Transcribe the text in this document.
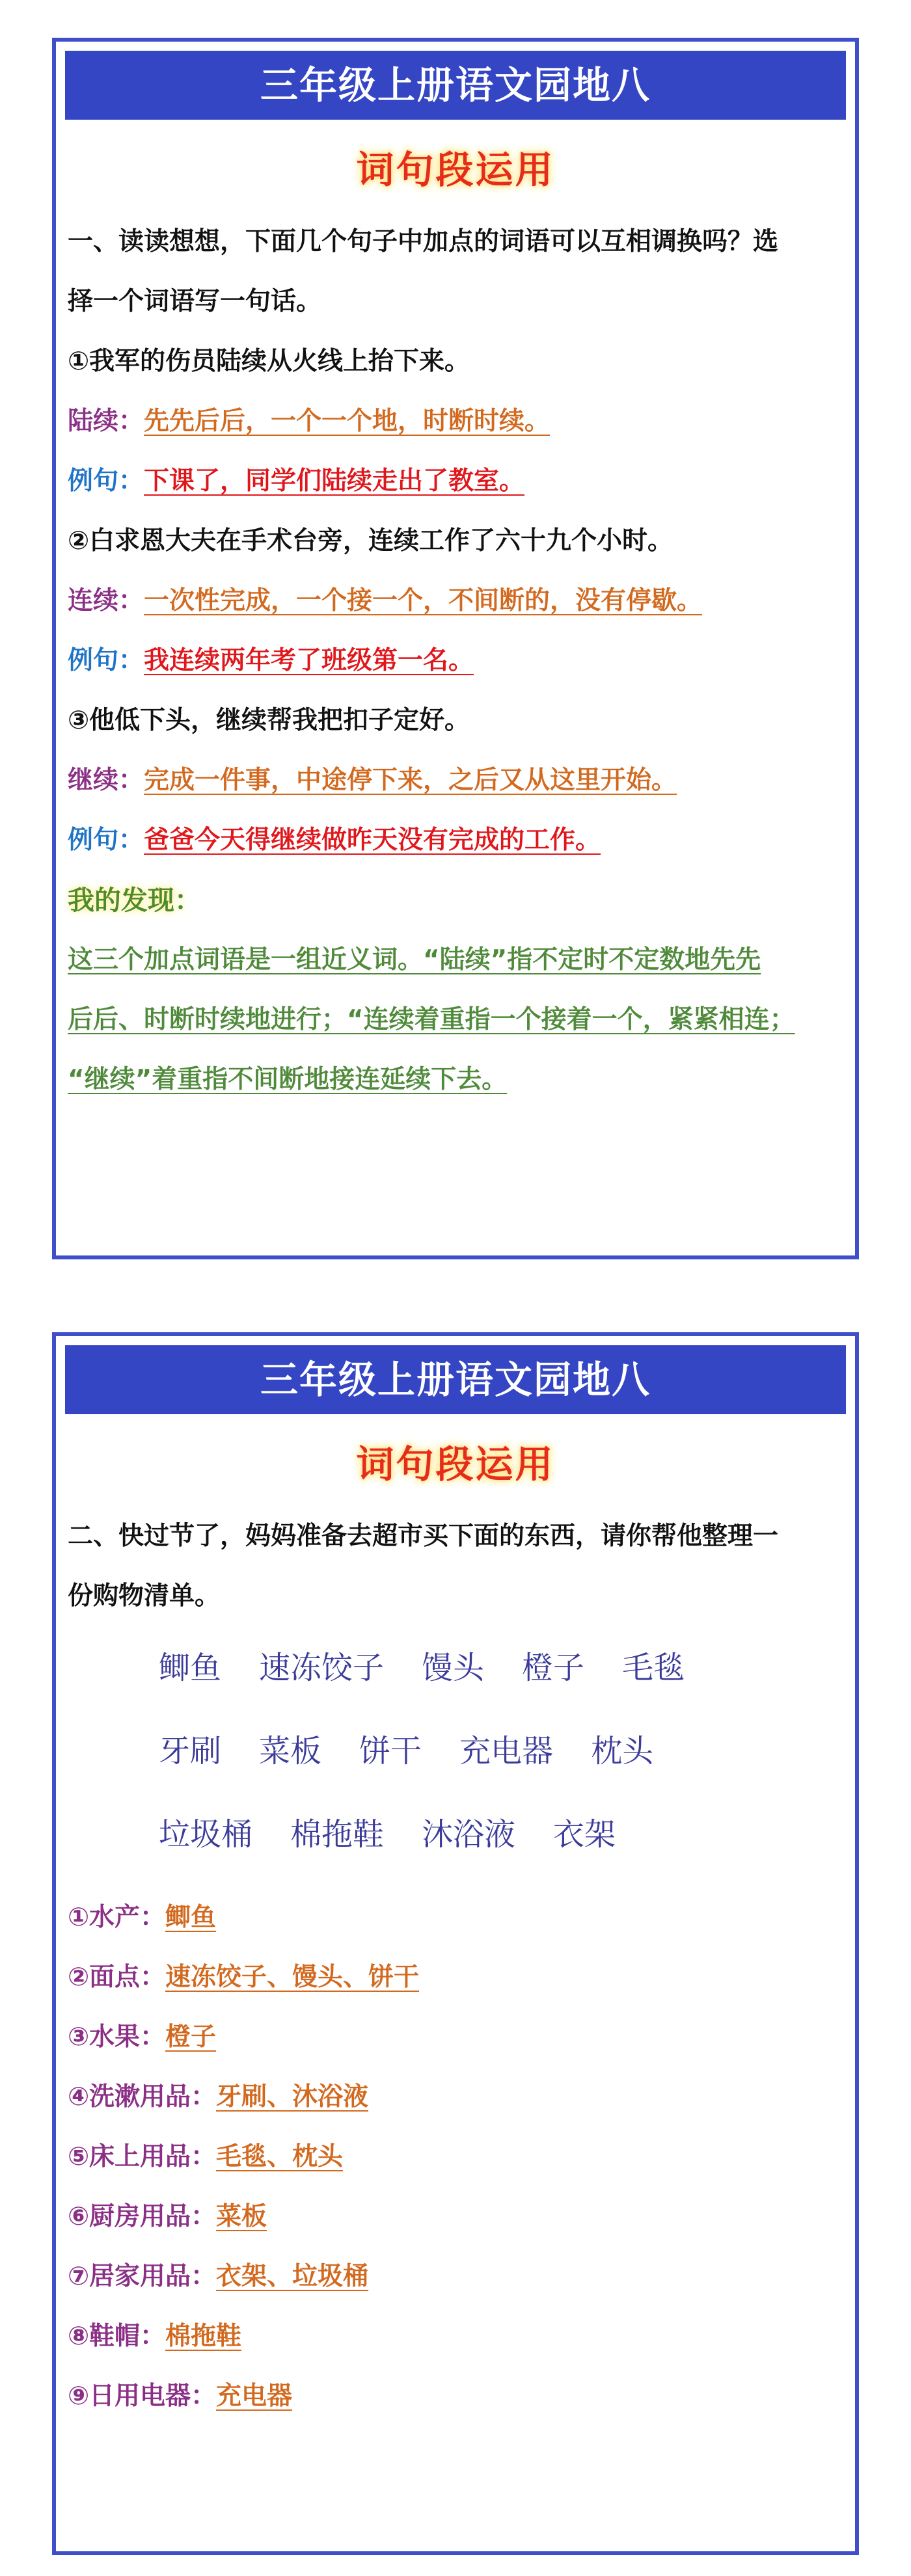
三年级上册语文园地八
词句段运用
一、读读想想，下面几个句子中加点的词语可以互相调换吗？选
择一个词语写一句话。
①我军的伤员陆续从火线上抬下来。
陆续：先先后后，一个一个地，时断时续。
例句：下课了，同学们陆续走出了教室。
②白求恩大夫在手术台旁，连续工作了六十九个小时。
连续：一次性完成，一个接一个，不间断的，没有停歇。
例句：我连续两年考了班级第一名。
③他低下头，继续帮我把扣子定好。
继续：完成一件事，中途停下来，之后又从这里开始。
例句：爸爸今天得继续做昨天没有完成的工作。
我的发现：
这三个加点词语是一组近义词。“陆续”指不定时不定数地先先
后后、时断时续地进行；“连续着重指一个接着一个，紧紧相连；
“继续”着重指不间断地接连延续下去。
三年级上册语文园地八
词句段运用
二、快过节了，妈妈准备去超市买下面的东西，请你帮他整理一
份购物清单。
鲫鱼 速冻饺子 馒头 橙子 毛毯
牙刷 菜板 饼干 充电器 枕头
垃圾桶 棉拖鞋 沐浴液 衣架
①水产：鲫鱼
②面点：速冻饺子、馒头、饼干
③水果：橙子
④洗漱用品：牙刷、沐浴液
⑤床上用品：毛毯、枕头
⑥厨房用品：菜板
⑦居家用品：衣架、垃圾桶
⑧鞋帽：棉拖鞋
⑨日用电器：充电器
